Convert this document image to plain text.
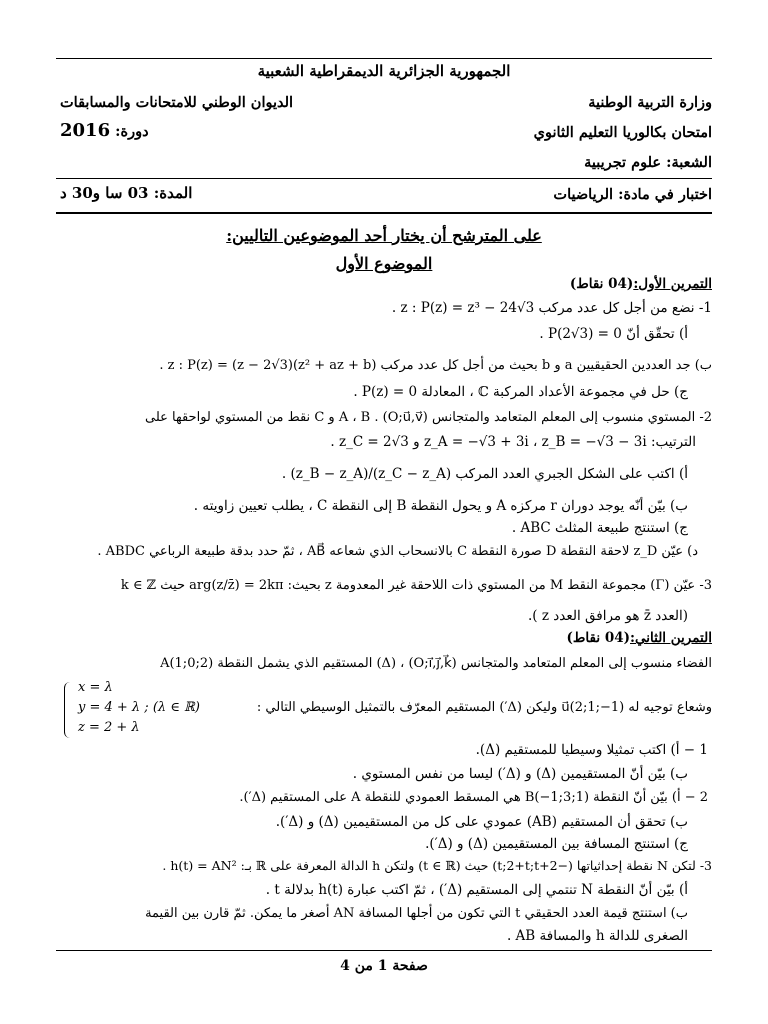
الجمهورية الجزائرية الديمقراطية الشعبية
وزارة التربية الوطنية
الديوان الوطني للامتحانات والمسابقات
امتحان بكالوريا التعليم الثانوي
دورة: 2016
الشعبة: علوم تجريبية
اختبار في مادة: الرياضيات
المدة: 03 سا و30 د
على المترشح أن يختار أحد الموضوعين التاليين:
الموضوع الأول
التمرين الأول:(04 نقاط)
1- نضع من أجل كل عدد مركب z : P(z) = z³ − 24√3 .
أ) تحقّق أنّ P(2√3) = 0 .
ب) جد العددين الحقيقيين a و b بحيث من أجل كل عدد مركب z : P(z) = (z − 2√3)(z² + az + b) .
ج) حل في مجموعة الأعداد المركبة ℂ ، المعادلة P(z) = 0 .
2- المستوي منسوب إلى المعلم المتعامد والمتجانس (O;u⃗,v⃗) . A ، B و C نقط من المستوي لواحقها على
الترتيب: z_A = −√3 + 3i ، z_B = −√3 − 3i و z_C = 2√3 .
أ) اكتب على الشكل الجبري العدد المركب (z_C − z_A)/(z_B − z_A) .
ب) بيّن أنّه يوجد دوران r مركزه A و يحول النقطة B إلى النقطة C ، يطلب تعيين زاويته .
ج) استنتج طبيعة المثلث ABC .
د) عيّن z_D لاحقة النقطة D صورة النقطة C بالانسحاب الذي شعاعه AB⃗ ، ثمّ حدد بدقة طبيعة الرباعي ABDC .
3- عيّن (Γ) مجموعة النقط M من المستوي ذات اللاحقة غير المعدومة z بحيث: arg(z/z̄) = 2kπ حيث k ∈ ℤ
(العدد z̄ هو مرافق العدد z ).
التمرين الثاني:(04 نقاط)
الفضاء منسوب إلى المعلم المتعامد والمتجانس (O;i⃗,j⃗,k⃗) ، (Δ) المستقيم الذي يشمل النقطة A(1;0;2)
وشعاع توجيه له u⃗(2;1;−1) وليكن (Δ′) المستقيم المعرّف بالتمثيل الوسيطي التالي :
x = λ
y = 4 + λ ; (λ ∈ ℝ)
z = 2 + λ
1 − أ) اكتب تمثيلا وسيطيا للمستقيم (Δ).
ب) بيّن أنّ المستقيمين (Δ) و (Δ′) ليسا من نفس المستوي .
2 − أ) بيّن أنّ النقطة B(−1;3;1) هي المسقط العمودي للنقطة A على المستقيم (Δ′).
ب) تحقق أن المستقيم (AB) عمودي على كل من المستقيمين (Δ) و (Δ′).
ج) استنتج المسافة بين المستقيمين (Δ) و (Δ′).
3- لتكن N نقطة إحداثياتها (−2+t;2+t;t) حيث (t ∈ ℝ) ولتكن h الدالة المعرفة على ℝ بـ: h(t) = AN² .
أ) بيّن أنّ النقطة N تنتمي إلى المستقيم (Δ′) ، ثمّ اكتب عبارة h(t) بدلالة t .
ب) استنتج قيمة العدد الحقيقي t التي تكون من أجلها المسافة AN أصغر ما يمكن. ثمّ قارن بين القيمة
الصغرى للدالة h والمسافة AB .
صفحة 1 من 4
